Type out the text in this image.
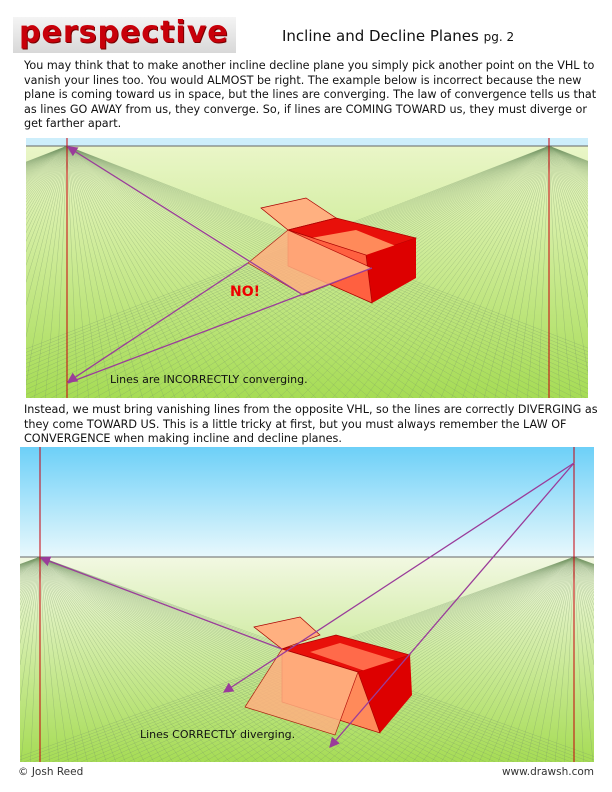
perspective	Incline and Decline Planes pg. 2
You may think that to make another incline decline plane you simply pick another point on the VHL to vanish your lines too. You would ALMOST be right. The example below is incorrect because the new plane is coming toward us in space, but the lines are converging. The law of convergence tells us that as lines GO AWAY from us, they converge. So, if lines are COMING TOWARD us, they must diverge or get farther apart.
NO!
Lines are INCORRECTLY converging.
Instead, we must bring vanishing lines from the opposite VHL, so the lines are correctly DIVERGING as they come TOWARD US. This is a little tricky at first, but you must always remember the LAW OF CONVERGENCE when making incline and decline planes.
Lines CORRECTLY diverging.
© Josh Reed	www.drawsh.com
